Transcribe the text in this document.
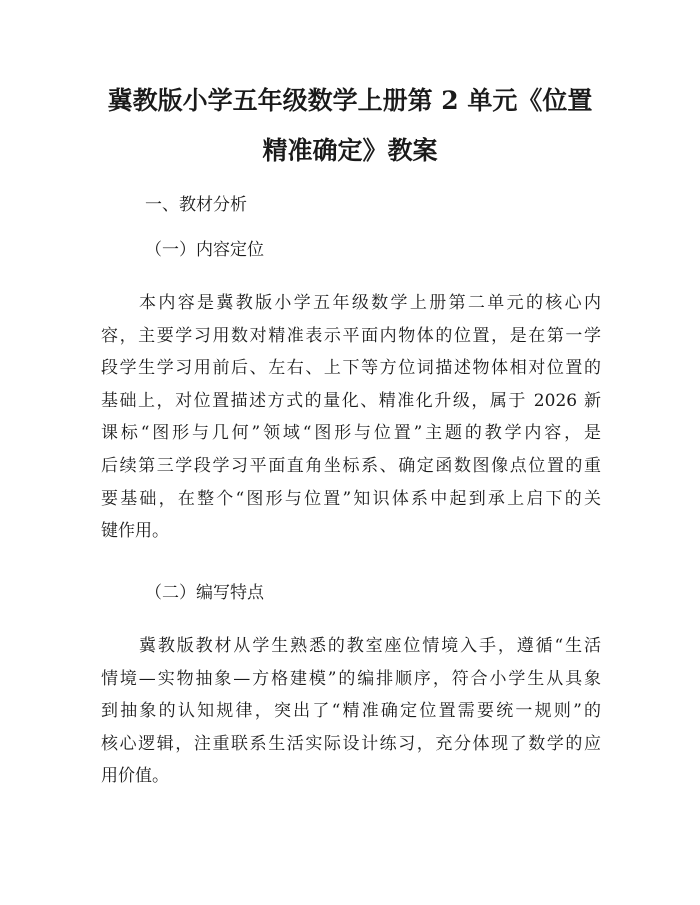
冀教版小学五年级数学上册第 2 单元《位置
精准确定》教案
一、教材分析
（一）内容定位
本内容是冀教版小学五年级数学上册第二单元的核心内
容，主要学习用数对精准表示平面内物体的位置，是在第一学
段学生学习用前后、左右、上下等方位词描述物体相对位置的
基础上，对位置描述方式的量化、精准化升级，属于 2026 新
课标“图形与几何”领域“图形与位置”主题的教学内容，是
后续第三学段学习平面直角坐标系、确定函数图像点位置的重
要基础，在整个“图形与位置”知识体系中起到承上启下的关
键作用。
（二）编写特点
冀教版教材从学生熟悉的教室座位情境入手，遵循“生活
情境—实物抽象—方格建模”的编排顺序，符合小学生从具象
到抽象的认知规律，突出了“精准确定位置需要统一规则”的
核心逻辑，注重联系生活实际设计练习，充分体现了数学的应
用价值。
